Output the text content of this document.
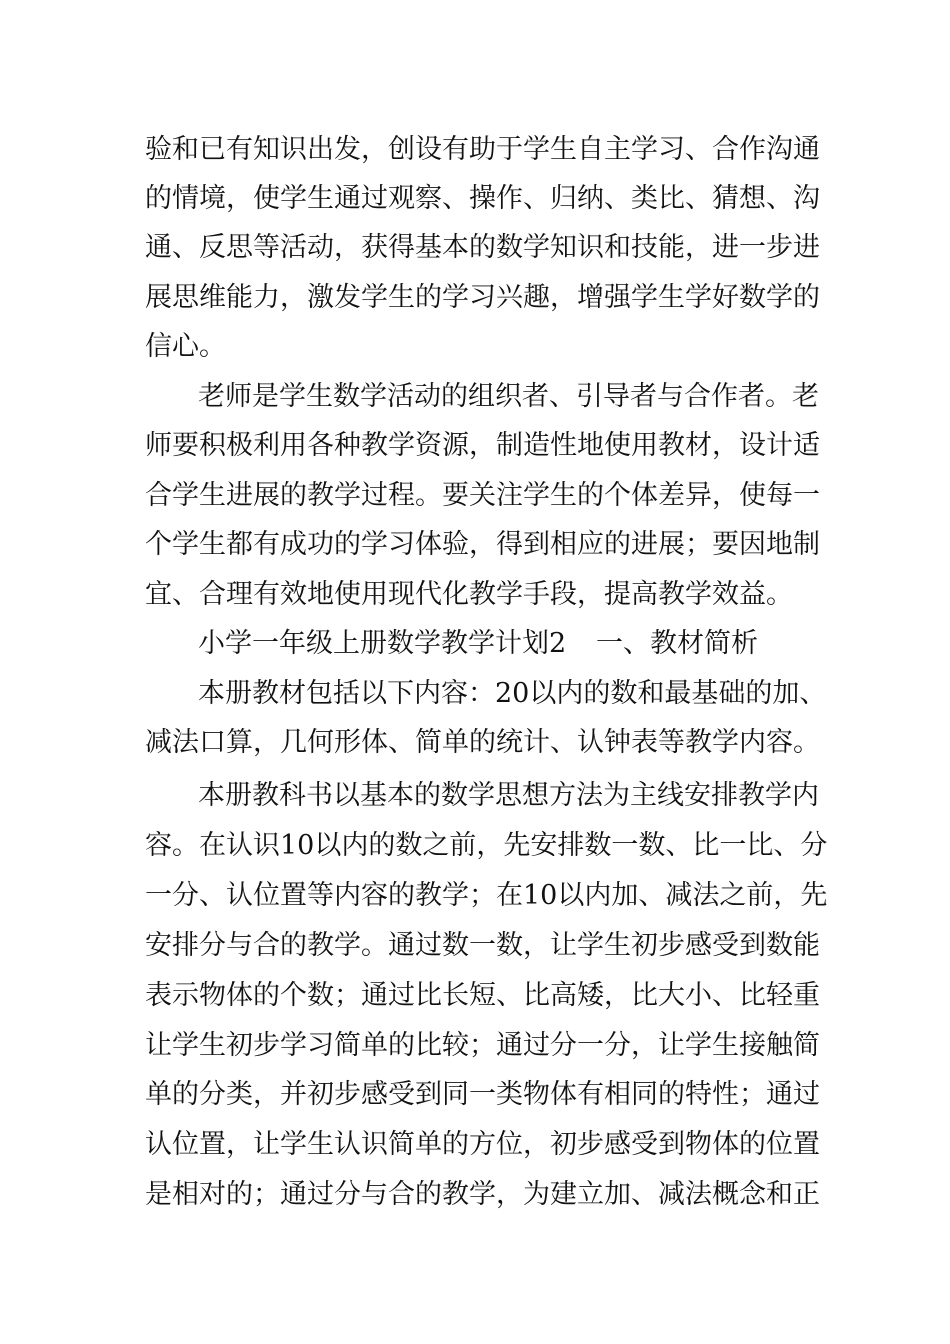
验和已有知识出发，创设有助于学生自主学习、合作沟通
的情境，使学生通过观察、操作、归纳、类比、猜想、沟
通、反思等活动，获得基本的数学知识和技能，进一步进
展思维能力，激发学生的学习兴趣，增强学生学好数学的
信心。
老师是学生数学活动的组织者、引导者与合作者。老
师要积极利用各种教学资源，制造性地使用教材，设计适
合学生进展的教学过程。要关注学生的个体差异，使每一
个学生都有成功的学习体验，得到相应的进展；要因地制
宜、合理有效地使用现代化教学手段，提高教学效益。
小学一年级上册数学教学计划2 一、教材简析
本册教材包括以下内容：20以内的数和最基础的加、
减法口算，几何形体、简单的统计、认钟表等教学内容。
本册教科书以基本的数学思想方法为主线安排教学内
容。在认识10以内的数之前，先安排数一数、比一比、分
一分、认位置等内容的教学；在10以内加、减法之前，先
安排分与合的教学。通过数一数，让学生初步感受到数能
表示物体的个数；通过比长短、比高矮，比大小、比轻重
让学生初步学习简单的比较；通过分一分，让学生接触简
单的分类，并初步感受到同一类物体有相同的特性；通过
认位置，让学生认识简单的方位，初步感受到物体的位置
是相对的；通过分与合的教学，为建立加、减法概念和正
